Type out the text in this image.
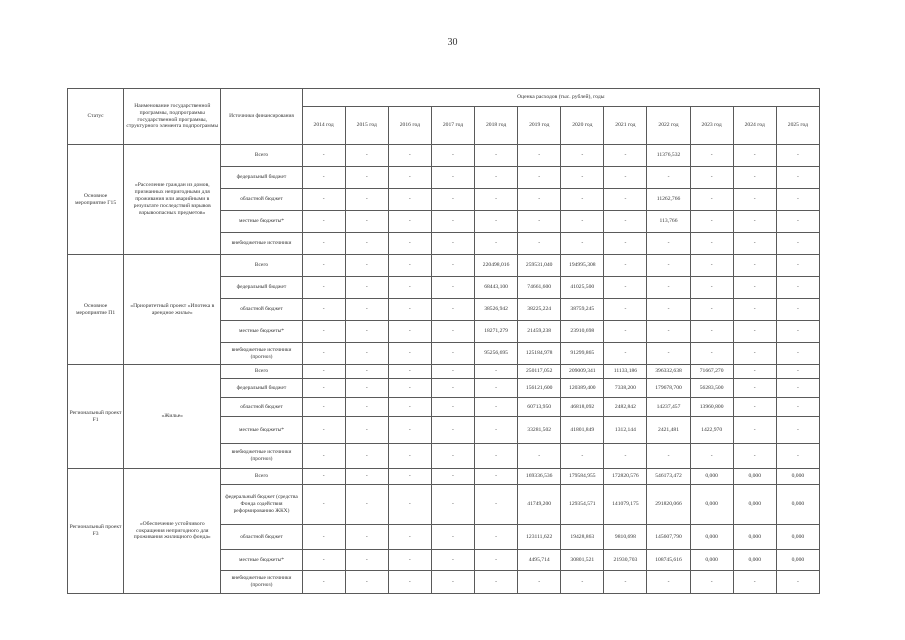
30
Статус	Наименование государственной программы, подпрограммы государственной программы, структурного элемента подпрограммы	Источники финансирования	Оценка расходов (тыс. рублей), годы											
			2014 год	2015 год	2016 год	2017 год	2018 год	2019 год	2020 год	2021 год	2022 год	2023 год	2024 год	2025 год
Основное мероприятие Г15	«Расселение граждан из домов, признанных непригодными для проживания или аварийными в результате последствий взрывов взрывоопасных предметов»	Всего	-	-	-	-	-	-	-	-	11376,532	-	-	-
		федеральный бюджет	-	-	-	-	-	-	-	-	-	-	-	-
		областной бюджет	-	-	-	-	-	-	-	-	11262,766	-	-	-
		местные бюджеты*	-	-	-	-	-	-	-	-	113,766	-	-	-
		внебюджетные источники	-	-	-	-	-	-	-	-	-	-	-	-
Основное мероприятие П1	«Приоритетный проект «Ипотека в арендное жилье»	Всего	-	-	-	-	220498,016	259531,040	194995,308	-	-	-	-	-
		федеральный бюджет	-	-	-	-	68443,100	74661,600	41025,500	-	-	-	-	-
		областной бюджет	-	-	-	-	38526,942	38225,224	38759,245	-	-	-	-	-
		местные бюджеты*	-	-	-	-	18271,279	21459,238	23910,698	-	-	-	-	-
		внебюджетные источники (прогноз)	-	-	-	-	95256,695	125184,978	91299,865	-	-	-	-	-
Региональный проект F1	«Жилье»	Всего	-	-	-	-	-	250117,052	209009,341	11133,186	396332,638	71667,270	-	-
		федеральный бюджет	-	-	-	-	-	156121,600	120389,400	7338,200	179678,700	56283,500	-	-
		областной бюджет	-	-	-	-	-	60713,950	46818,092	2482,842	14237,457	13960,800	-	-
		местные бюджеты*	-	-	-	-	-	33281,502	41801,849	1312,144	2421,481	1422,970	-	-
		внебюджетные источники (прогноз)	-	-	-	-	-	-	-	-	-	-	-	-
Региональный проект F3	«Обеспечение устойчивого сокращения непригодного для проживания жилищного фонда»	Всего	-	-	-	-	-	169336,536	179584,955	172820,576	546173,472	0,000	0,000	0,000
		федеральный бюджет (средства Фонда содействия реформированию ЖКХ)	-	-	-	-	-	41749,200	129354,571	141079,175	291820,066	0,000	0,000	0,000
		областной бюджет	-	-	-	-	-	123111,622	19428,863	9810,698	145607,790	0,000	0,000	0,000
		местные бюджеты*	-	-	-	-	-	4495,714	30801,521	21930,703	108745,616	0,000	0,000	0,000
		внебюджетные источники (прогноз)	-	-	-	-	-	-	-	-	-	-	-	-
